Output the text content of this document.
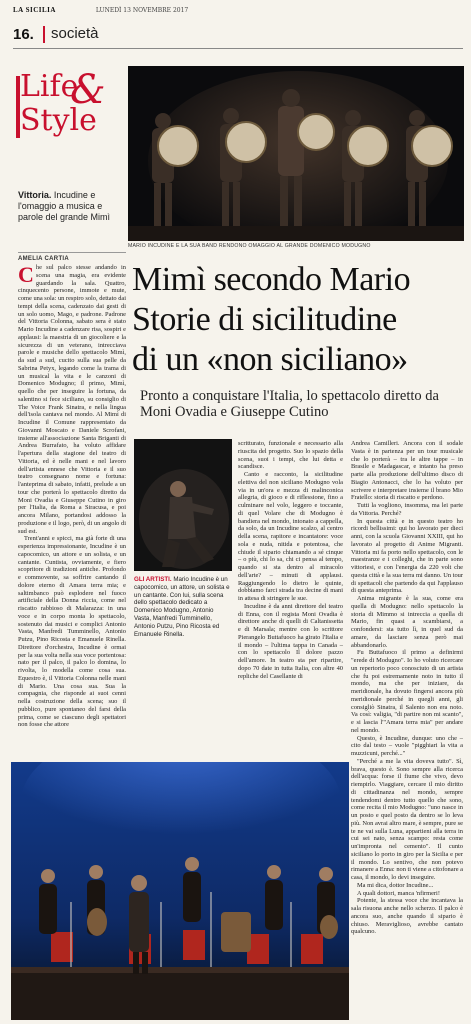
LA SICILIA	LUNEDÌ 13 NOVEMBRE 2017
16. società
Life
&
Style
Vittoria. Incudine e l'omaggio a musica e parole del grande Mimì
AMELIA CARTIA

Che sul palco stesse andando in scena una magia, era evidente guardando la sala. Quattro, cinquecento persone, immote e mute, come una sola: un respiro solo, dettato dai tempi della scena, cadenzato dai gesti di un solo uomo, Mago, e padrone. Padrone del Vittoria Colonna, sabato sera è stato Mario Incudine a cadenzare risa, sospiri e applausi: la maestria di un giocoliere e la sicurezza di un veterano, intrecciava parole e musiche dello spettacolo Mimì, da sud a sud, cucito sulla sua pelle da Sabrina Petyx, legando come la trama di un musical la vita e le canzoni di Domenico Modugno; il primo, Mimì, quello che per inseguire la fortuna, da salentino si fece siciliano, su consiglio di The Voice Frank Sinatra, e nella lingua dell'isola cantava nel mondo. Al Mimì di Incudine il Comune rappresentato da Giovanni Moscato e Daniele Scrofani, insieme all'associazione Santa Briganti di Andrea Burrafato, ha voluto affidare l'apertura della stagione del teatro di Vittoria, ed è nelle mani e nel lavoro dell'artista ennese che Vittoria e il suo teatro consegnano nome e fortuna: l'anteprima di sabato, infatti, prelude a un tour che porterà lo spettacolo diretto da Moni Ovadia e Giuseppe Cutino in giro per l'Italia, da Roma a Siracusa, e poi ancora Milano, portandosi addosso la produzione e il logo, però, di un angolo di sud est.

Trent'anni e spicci, ma già forte di una esperienza impressionante, Incudine è un capocomico, un attore e un solista, e un cantante. Cuntista, ovviamente, e fiero scopritore di tradizioni antiche. Profondo e commovente, sa soffrire cantando il dolore eterno di Amara terra mia; e saltimbanco può esplodere nel fuoco artificiale della Donna riccia, come nel riscatto rabbioso di Malarazza: in una voce e in corpo monta lo spettacolo, sostenuto dai musici e complici Antonio Vasta, Manfredi Tumminello, Antonio Putzu, Pino Ricosta e Emanuele Rinella. Direttore d'orchestra, Incudine è ormai per la sua volta nella sua voce portentosa: nato per il palco, il palco lo domina, lo rivolta, lo modella come cosa sua. Equestro è, il Vittoria Colonna nelle mani di Mario. Una cosa sua. Sua la compagnia, che risponde ai suoi cenni nella costruzione della scena; suo il pubblico, pure spontaneo del farsi della prima, come se ciascuno degli spettatori non fosse che attore

MARIO INCUDINE E LA SUA BAND RENDONO OMAGGIO AL GRANDE DOMENICO MODUGNO
Mimì secondo Mario
Storie di sicilitudine
di un «non siciliano»
Pronto a conquistare l'Italia, lo spettacolo diretto da Moni Ovadia e Giuseppe Cutino
GLI ARTISTI. Mario Incudine è un capocomico, un attore, un solista e un cantante. Con lui, sulla scena dello spettacolo dedicato a Domenico Modugno, Antonio Vasta, Manfredi Tumminello, Antonio Putzu, Pino Ricosta ed Emanuele Rinella.

scritturato, funzionale e necessario alla riuscita del progetto. Suo lo spazio della scena, suoi i tempi, che lui detta e scandisce.

Canto e racconto, la sicilitudine elettiva del non siciliano Modugno vola via in un'ora e mezza di malinconica allegria, di gioco e di riflessione, fino a culminare nel volo, leggero e toccante, di quel Volare che di Modugno è bandiera nel mondo, intonato a cappella, da solo, da un Incudine scalzo, al centro della scena, rapitore e incantatore: voce sola e nuda, nitida e potentosa, che chiude il sipario chiamando a sé cinque – o più, chi lo sa, chi ci pensa al tempo, quando si sta dentro al miracolo dell'arte? – minuti di applausi. Raggiungendo lo dietro le quinte, dobbiamo farci strada tra decine di mani in attesa di stringere le sue.

Incudine è da anni direttore del teatro di Enna, con il regista Moni Ovadia è direttore anche di quelli di Caltanissetta e di Marsala; mentre con lo scrittore Pierangelo Buttafuoco ha girato l'Italia e il mondo – l'ultima tappa in Canada – con lo spettacolo Il dolore pazzo dell'amore. In teatro sta per ripartire, dopo 70 date in tutta Italia, con altre 40 repliche del Casellante di

Andrea Camilleri. Ancora con il sodale Vasta è in partenza per un tour musicale che lo porterà – tra le altre tappe – in Brasile e Madagascar, e intanto ha preso parte alla produzione dell'ultimo disco di Biagio Antonacci, che lo ha voluto per scrivere e interpretare insieme il brano Mio Fratello: storia di riscatto e perdono.

Tutti la vogliono, insomma, ma lei parte da Vittoria. Perché?

In questa città e in questo teatro ho ricordi bellissimi: qui ho lavorato per dieci anni, con la scuola Giovanni XXIII, qui ho lavorato al progetto di Anime Migranti. Vittoria mi fa porto nello spettacolo, con le maestranze e i colleghi, che in parte sono vittoriesi, e con l'energia da 220 volt che questa città e la sua terra mi danno. Un tour di spettacoli che partendo da qui l'applauso di questa anteprima.

Anima migrante è la sua, come era quella di Modugno: nello spettacolo la storia di Mimmo si intreccia a quella di Mario, fin quasi a scambiarsi, a confondersi: sta tutto lì, in quel sud da amare, da lasciare senza però mai abbandonarlo.

Fu Buttafuoco il primo a definirmi "erede di Modugno". Io ho voluto ricercare un repertorio poco conosciuto di un artista che fu poi estremamente noto in tutto il mondo, ma che per iniziare, da meridionale, ha dovuto fingersi ancora più meridionale perché in quegli anni, gli consigliò Sinatra, il Salento non era noto. Va così: valigia, "di partire non mi scanto", e si lascia l'"Amara terra mia" per andare nel mondo.

Questo, è Incudine, dunque: uno che – cito dal testo – vuole "pigghiari la vita a muzzicuni, perché..."

"Perché a me la vita doveva tutto". Sì, brava, questo è. Sono sempre alla ricerca dell'acqua: forse il fiume che vivo, devo riempirlo. Viaggiare, cercare il mio diritto di cittadinanza nel mondo, sempre tendendomi dentro tutto quello che sono, come recita il mio Modugno: "uno nasce in un posto e quel posto da dentro se lo leva più. Non avrai altro mare, è sempre, pure se te ne vai sulla Luna, appartieni alla terra in cui sei nato, senza scampo: resta come un'impronta nel cemento". Il cunto siciliano lo porto in giro per la Sicilia e per il mondo. Lo sentivo, che non potevo rimanere a Enna: non ti viene a citofonare a casa, il mondo, lo devi inseguire.

Ma mi dica, dottor Incudine...

A quali dottori, manca 'nfirmeri!

Potente, la stessa voce che incantava la sala risuona anche nello scherzo. Il palco è ancora suo, anche quando il sipario è chiuso. Meraviglioso, avrebbe cantato qualcuno.
